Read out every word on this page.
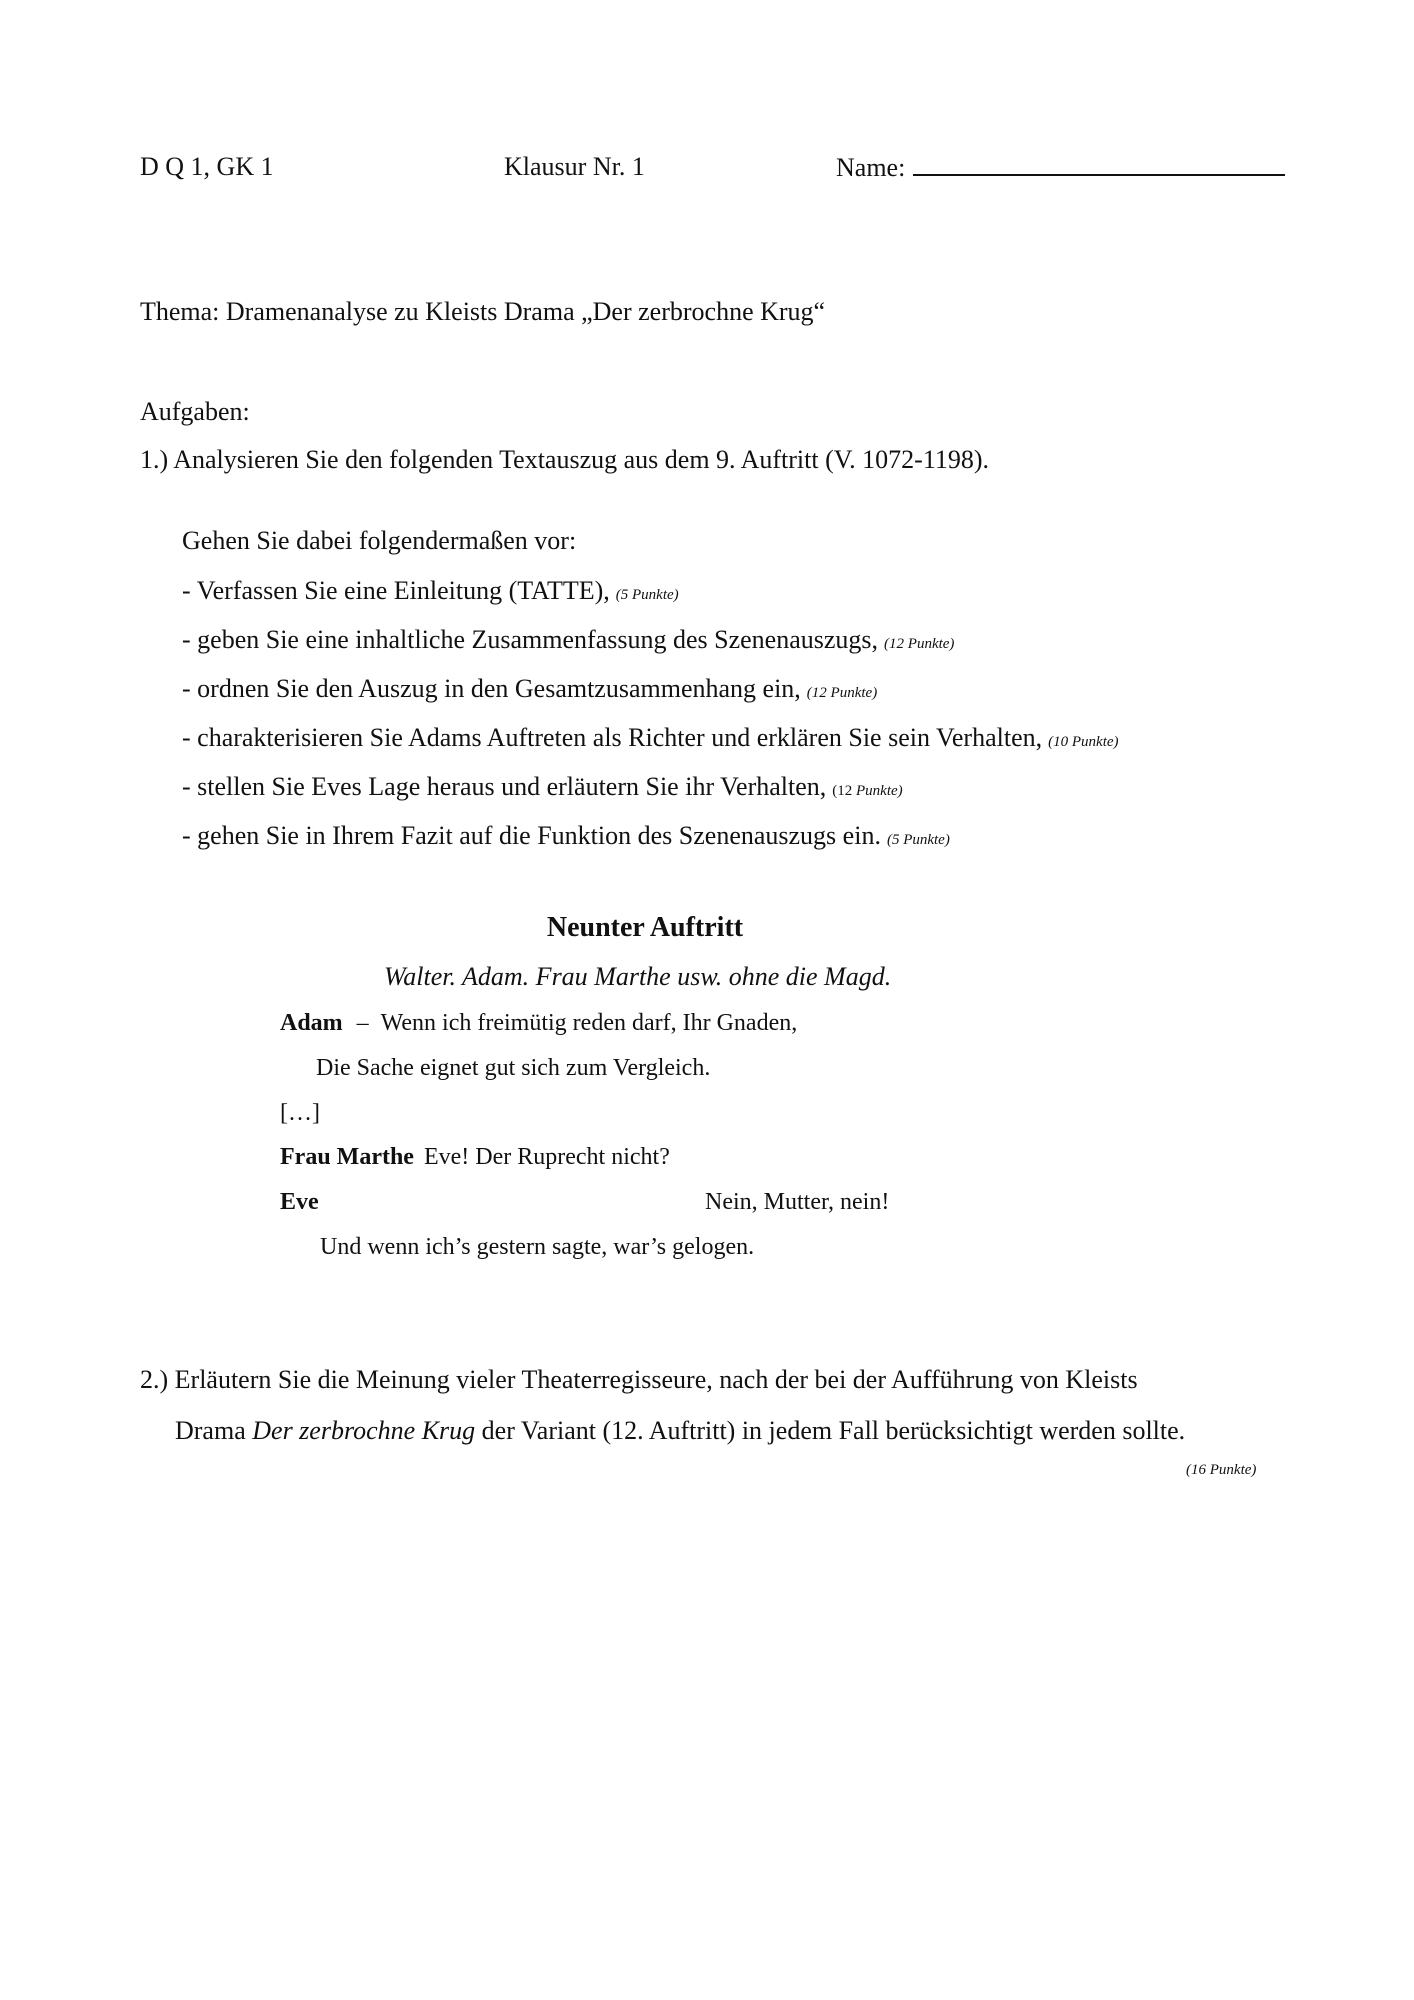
D Q 1, GK 1	Klausur Nr. 1	Name:
Thema: Dramenanalyse zu Kleists Drama „Der zerbrochne Krug“
Aufgaben:
1.) Analysieren Sie den folgenden Textauszug aus dem 9. Auftritt (V. 1072-1198).
Gehen Sie dabei folgendermaßen vor:
- Verfassen Sie eine Einleitung (TATTE), (5 Punkte)
- geben Sie eine inhaltliche Zusammenfassung des Szenenauszugs, (12 Punkte)
- ordnen Sie den Auszug in den Gesamtzusammenhang ein, (12 Punkte)
- charakterisieren Sie Adams Auftreten als Richter und erklären Sie sein Verhalten, (10 Punkte)
- stellen Sie Eves Lage heraus und erläutern Sie ihr Verhalten, (12 Punkte)
- gehen Sie in Ihrem Fazit auf die Funktion des Szenenauszugs ein. (5 Punkte)
Neunter Auftritt
Walter. Adam. Frau Marthe usw. ohne die Magd.
Adam – Wenn ich freimütig reden darf, Ihr Gnaden,
Die Sache eignet gut sich zum Vergleich.
[…]
Frau Marthe Eve! Der Ruprecht nicht?
Eve	Nein, Mutter, nein!
Und wenn ich’s gestern sagte, war’s gelogen.
2.) Erläutern Sie die Meinung vieler Theaterregisseure, nach der bei der Aufführung von Kleists
Drama Der zerbrochne Krug der Variant (12. Auftritt) in jedem Fall berücksichtigt werden sollte.
(16 Punkte)
